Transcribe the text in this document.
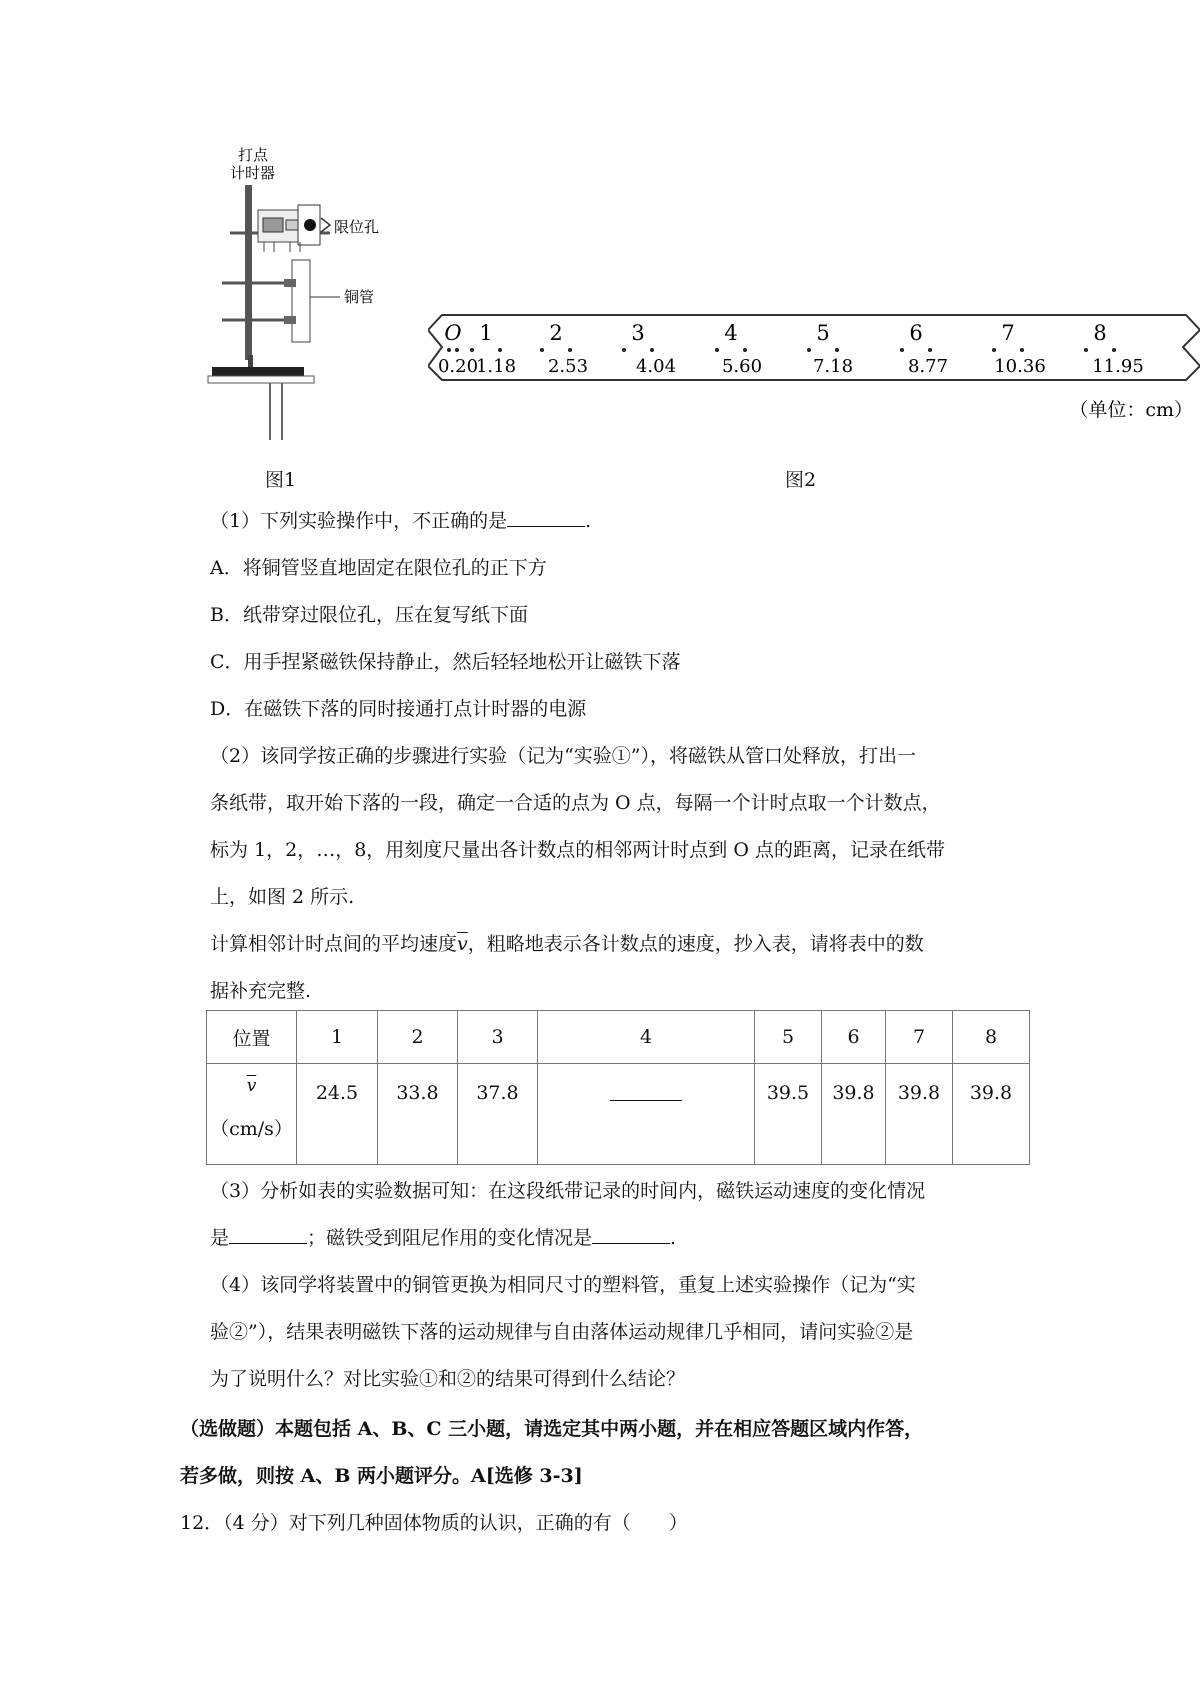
打点
计时器
限位孔
铜管
O 1	2	3	4	5	6	7	8
0.20
1.18 2.53	4.04	5.60	7.18	8.77	10.36	11.95
（单位：cm）
图1	图2
（1）下列实验操作中，不正确的是	.
A．将铜管竖直地固定在限位孔的正下方
B．纸带穿过限位孔，压在复写纸下面
C．用手捏紧磁铁保持静止，然后轻轻地松开让磁铁下落
D．在磁铁下落的同时接通打点计时器的电源
（2）该同学按正确的步骤进行实验（记为“实验①”），将磁铁从管口处释放，打出一
条纸带，取开始下落的一段，确定一合适的点为 O 点，每隔一个计时点取一个计数点，
标为 1，2，…，8，用刻度尺量出各计数点的相邻两计时点到 O 点的距离，记录在纸带
上，如图 2 所示.
计算相邻计时点间的平均速度$\overline{v}$，粗略地表示各计数点的速度，抄入表，请将表中的数
据补充完整.
位置	1	2	3	4	5	6	7	8

$\overline{v}$
（cm/s）	24.5	33.8	37.8		39.5	39.8	39.8	39.8
（3）分析如表的实验数据可知：在这段纸带记录的时间内，磁铁运动速度的变化情况
是	；磁铁受到阻尼作用的变化情况是	.
（4）该同学将装置中的铜管更换为相同尺寸的塑料管，重复上述实验操作（记为“实
验②”），结果表明磁铁下落的运动规律与自由落体运动规律几乎相同，请问实验②是
为了说明什么？对比实验①和②的结果可得到什么结论？
（选做题）本题包括 A、B、C 三小题，请选定其中两小题，并在相应答题区域内作答，
若多做，则按 A、B 两小题评分。A[选修 3-3]
12．（4 分）对下列几种固体物质的认识，正确的有（　　）
